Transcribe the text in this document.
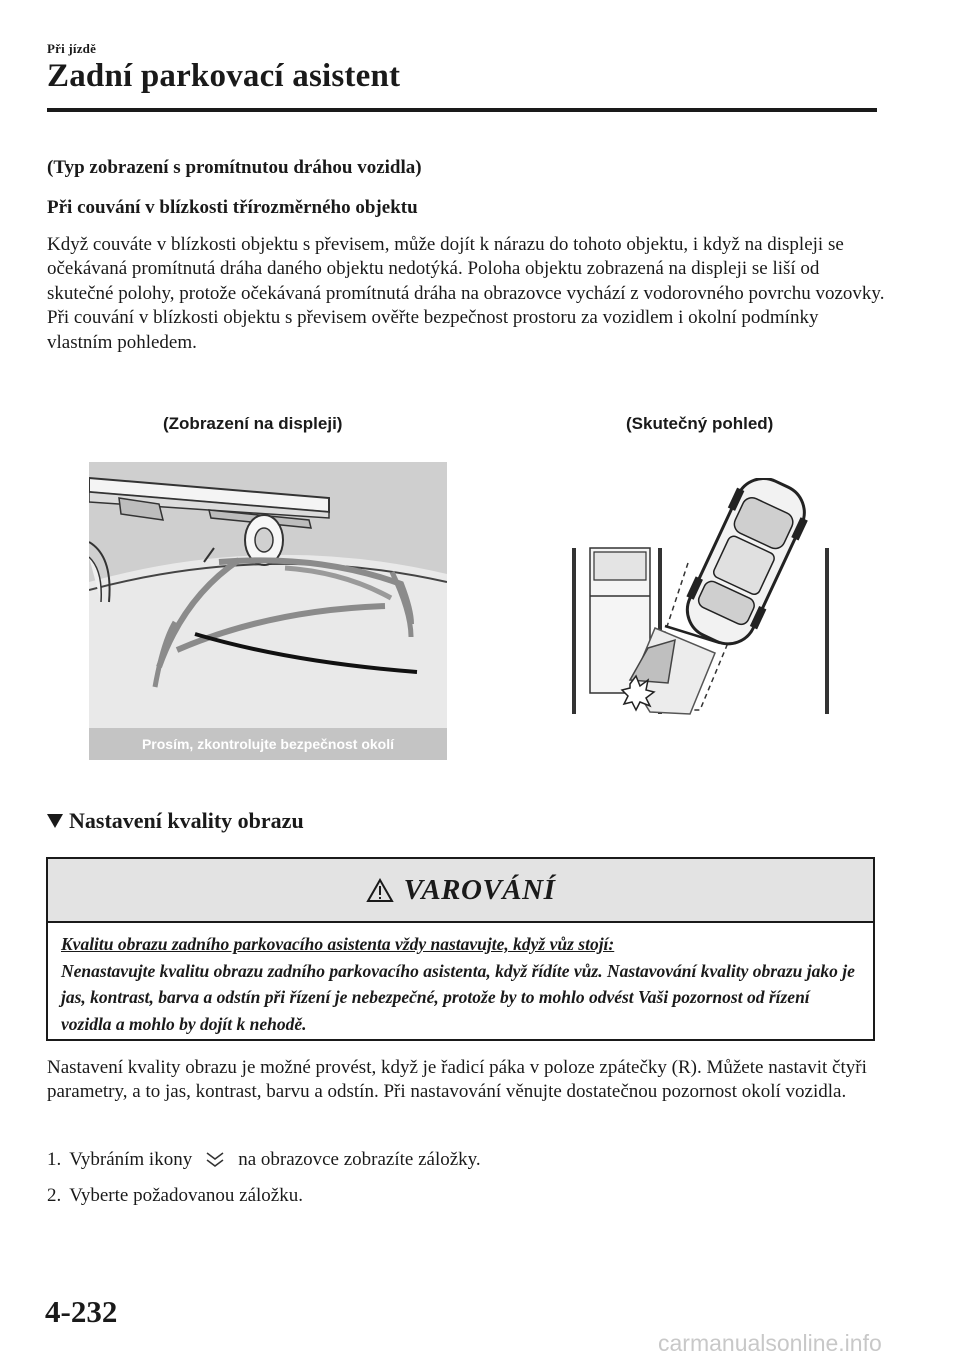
Při jízdě
Zadní parkovací asistent
(Typ zobrazení s promítnutou dráhou vozidla)
Při couvání v blízkosti třírozměrného objektu
Když couváte v blízkosti objektu s převisem, může dojít k nárazu do tohoto objektu, i když na displeji se očekávaná promítnutá dráha daného objektu nedotýká. Poloha objektu zobrazená na displeji se liší od skutečné polohy, protože očekávaná promítnutá dráha na obrazovce vychází z vodorovného povrchu vozovky. Při couvání v blízkosti objektu s převisem ověřte bezpečnost prostoru za vozidlem i okolní podmínky vlastním pohledem.
(Zobrazení na displeji)	(Skutečný pohled)
Prosím, zkontrolujte bezpečnost okolí
Nastavení kvality obrazu
VAROVÁNÍ
Kvalitu obrazu zadního parkovacího asistenta vždy nastavujte, když vůz stojí:
Nenastavujte kvalitu obrazu zadního parkovacího asistenta, když řídíte vůz. Nastavování kvality obrazu jako je jas, kontrast, barva a odstín při řízení je nebezpečné, protože by to mohlo odvést Vaši pozornost od řízení vozidla a mohlo by dojít k nehodě.
Nastavení kvality obrazu je možné provést, když je řadicí páka v poloze zpátečky (R). Můžete nastavit čtyři parametry, a to jas, kontrast, barvu a odstín. Při nastavování věnujte dostatečnou pozornost okolí vozidla.
1. Vybráním ikony na obrazovce zobrazíte záložky.
2. Vyberte požadovanou záložku.
4-232
carmanualsonline.info
